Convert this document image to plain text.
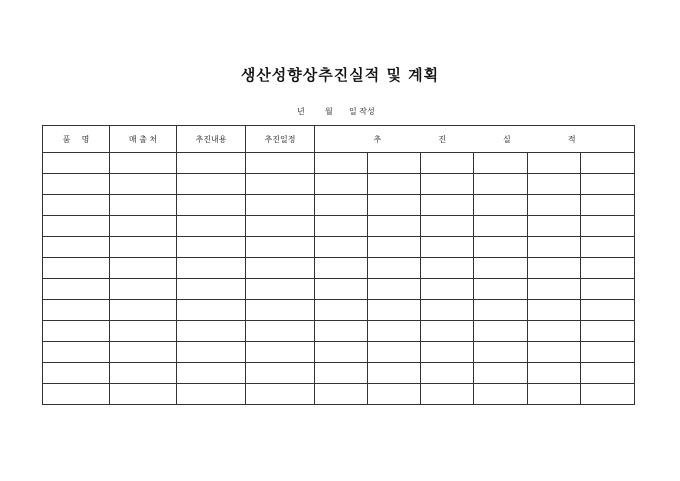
생산성향상추진실적 및 계획
년	월 일 작성
품 명	매 출 처	추진내용	추진일정	추 진 실 적					
